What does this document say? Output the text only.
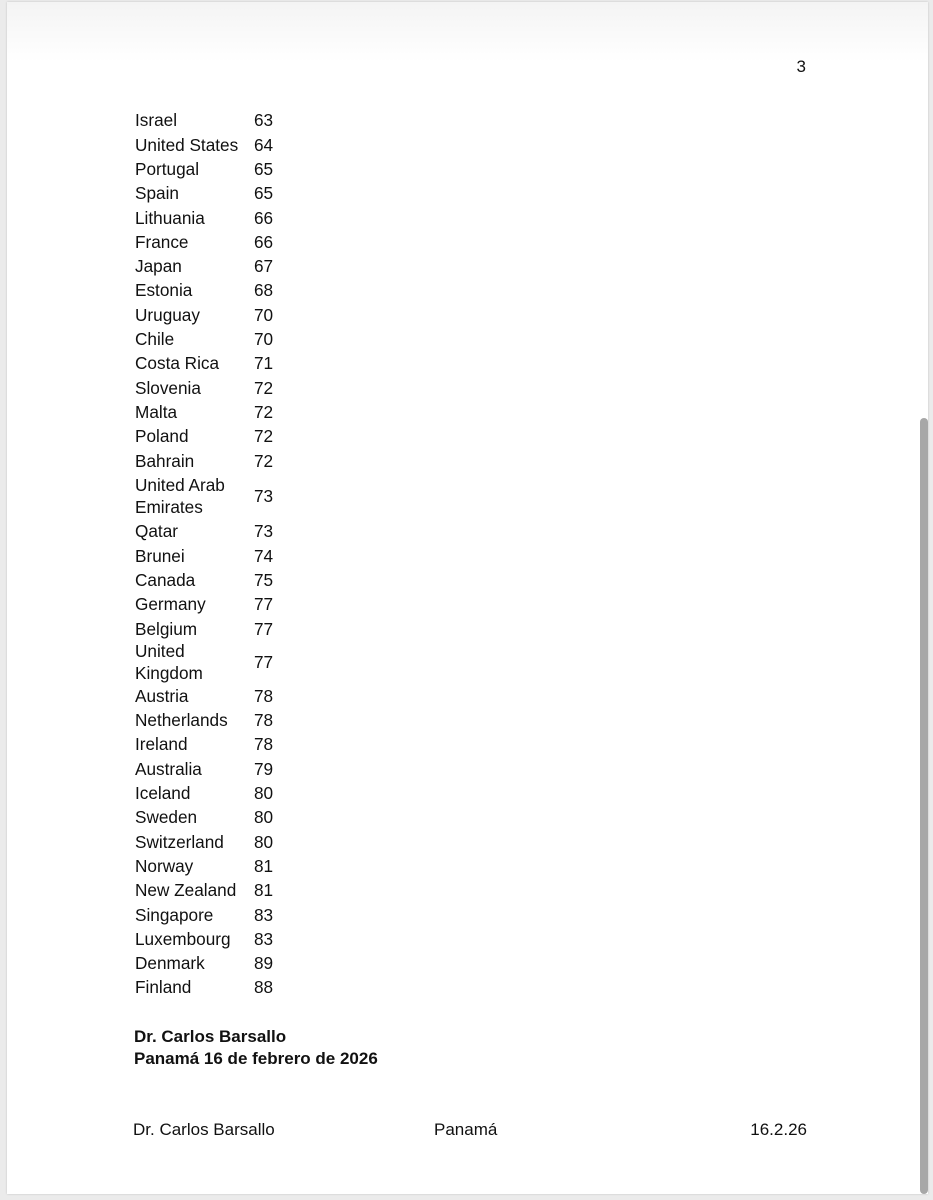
3
Israel	63
United States	64
Portugal	65
Spain	65
Lithuania	66
France	66
Japan	67
Estonia	68
Uruguay	70
Chile	70
Costa Rica	71
Slovenia	72
Malta	72
Poland	72
Bahrain	72
United Arab Emirates	73
Qatar	73
Brunei	74
Canada	75
Germany	77
Belgium	77
United Kingdom	77
Austria	78
Netherlands	78
Ireland	78
Australia	79
Iceland	80
Sweden	80
Switzerland	80
Norway	81
New Zealand	81
Singapore	83
Luxembourg	83
Denmark	89
Finland	88
Dr. Carlos Barsallo
Panamá 16 de febrero de 2026
Dr. Carlos Barsallo	Panamá	16.2.26
